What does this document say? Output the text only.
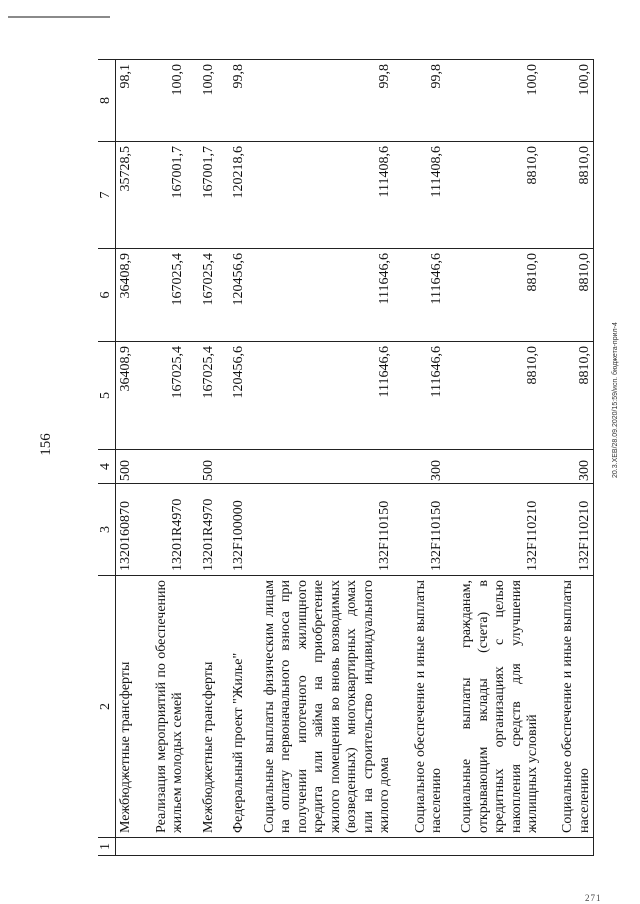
156	20.3.ХЕВ/28.09.2020/15:59/исп. бюджета-прил-4
271
1	2	3	4	5	6	7	8
	Межбюджетные трансферты	1320160870	500	36408,9	36408,9	35728,5	98,1
	Реализация мероприятий по обеспечению жильем молодых семей	13201R4970		167025,4	167025,4	167001,7	100,0
	Межбюджетные трансферты	13201R4970	500	167025,4	167025,4	167001,7	100,0
	Федеральный проект "Жилье"	132F100000		120456,6	120456,6	120218,6	99,8
	Социальные выплаты физическим лицам на оплату первоначального взноса при получении ипотечного жилищного кредита или займа на приобретение жилого помещения во вновь возводимых (возведенных) многоквартирных домах или на строительство индивидуального жилого дома	132F110150		111646,6	111646,6	111408,6	99,8
	Социальное обеспечение и иные выплаты населению	132F110150	300	111646,6	111646,6	111408,6	99,8
	Социальные выплаты гражданам, открывающим вклады (счета) в кредитных организациях с целью накопления средств для улучшения жилищных условий	132F110210		8810,0	8810,0	8810,0	100,0
	Социальное обеспечение и иные выплаты населению	132F110210	300	8810,0	8810,0	8810,0	100,0
